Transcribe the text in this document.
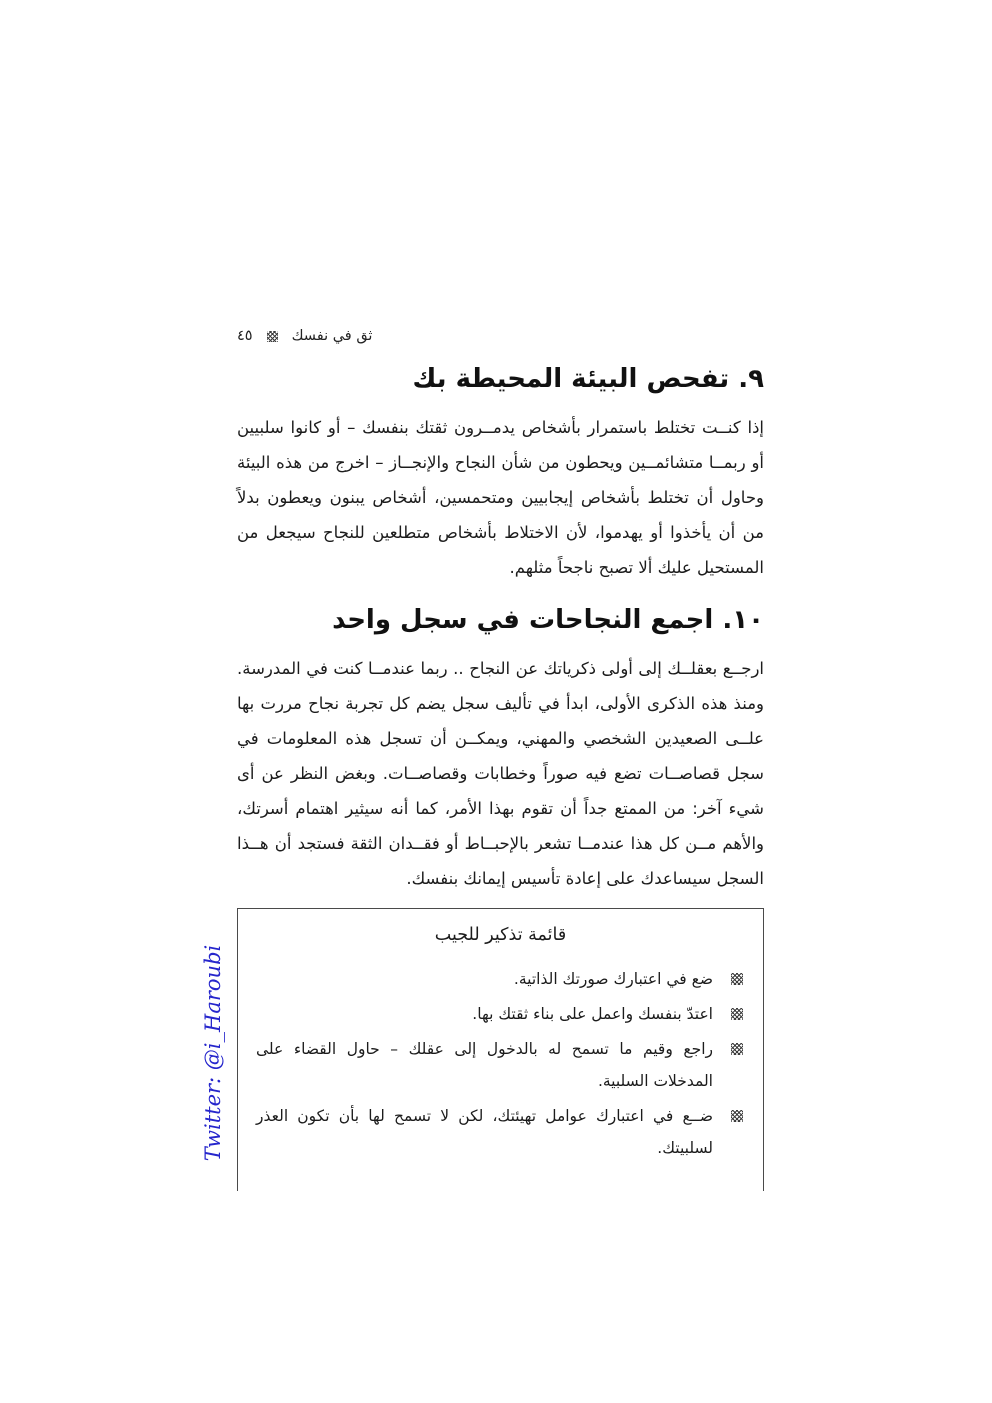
ثق في نفسك٤٥
٩. تفحص البيئة المحيطة بك

إذا كنــت تختلط باستمرار بأشخاص يدمــرون ثقتك بنفسك – أو كانوا سلبيين أو ربمــا متشائمــين ويحطون من شأن النجاح والإنجــاز – اخرج من هذه البيئة وحاول أن تختلط بأشخاص إيجابيين ومتحمسين، أشخاص يبنون ويعطون بدلاً من أن يأخذوا أو يهدموا، لأن الاختلاط بأشخاص متطلعين للنجاح سيجعل من المستحيل عليك ألا تصبح ناجحاً مثلهم.

١٠. اجمع النجاحات في سجل واحد

ارجــع بعقلــك إلى أولى ذكرياتك عن النجاح .. ربما عندمــا كنت في المدرسة. ومنذ هذه الذكرى الأولى، ابدأ في تأليف سجل يضم كل تجربة نجاح مررت بها علــى الصعيدين الشخصي والمهني، ويمكــن أن تسجل هذه المعلومات في سجل قصاصــات تضع فيه صوراً وخطابات وقصاصــات. وبغض النظر عن أى شيء آخر: من الممتع جداً أن تقوم بهذا الأمر، كما أنه سيثير اهتمام أسرتك، والأهم مــن كل هذا عندمــا تشعر بالإحبــاط أو فقــدان الثقة فستجد أن هــذا السجل سيساعدك على إعادة تأسيس إيمانك بنفسك.

قائمة تذكير للجيب
ضع في اعتبارك صورتك الذاتية.
اعتدّ بنفسك واعمل على بناء ثقتك بها.
راجع وقيم ما تسمح له بالدخول إلى عقلك – حاول القضاء على المدخلات السلبية.
ضــع في اعتبارك عوامل تهيئتك، لكن لا تسمح لها بأن تكون العذر لسلبيتك.
Twitter: @i_Haroubi
